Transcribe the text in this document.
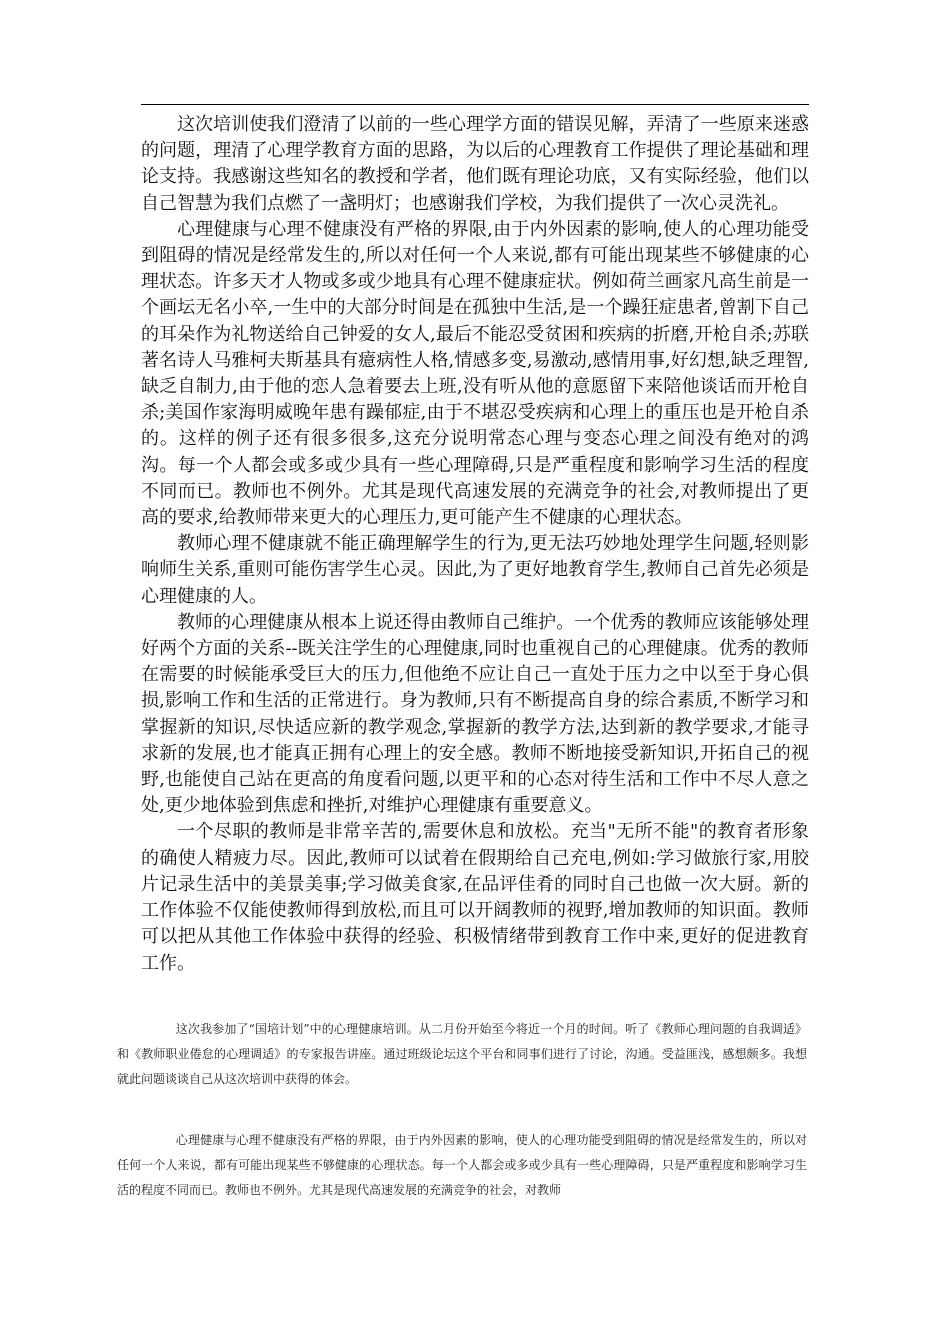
这次培训使我们澄清了以前的一些心理学方面的错误见解，弄清了一些原来迷惑的问题，理清了心理学教育方面的思路，为以后的心理教育工作提供了理论基础和理论支持。我感谢这些知名的教授和学者，他们既有理论功底，又有实际经验，他们以自己智慧为我们点燃了一盏明灯；也感谢我们学校，为我们提供了一次心灵洗礼。

心理健康与心理不健康没有严格的界限,由于内外因素的影响,使人的心理功能受到阻碍的情况是经常发生的,所以对任何一个人来说,都有可能出现某些不够健康的心理状态。许多天才人物或多或少地具有心理不健康症状。例如荷兰画家凡高生前是一个画坛无名小卒,一生中的大部分时间是在孤独中生活,是一个躁狂症患者,曾割下自己的耳朵作为礼物送给自己钟爱的女人,最后不能忍受贫困和疾病的折磨,开枪自杀;苏联著名诗人马雅柯夫斯基具有癔病性人格,情感多变,易激动,感情用事,好幻想,缺乏理智,缺乏自制力,由于他的恋人急着要去上班,没有听从他的意愿留下来陪他谈话而开枪自杀;美国作家海明威晚年患有躁郁症,由于不堪忍受疾病和心理上的重压也是开枪自杀的。这样的例子还有很多很多,这充分说明常态心理与变态心理之间没有绝对的鸿沟。每一个人都会或多或少具有一些心理障碍,只是严重程度和影响学习生活的程度不同而已。教师也不例外。尤其是现代高速发展的充满竞争的社会,对教师提出了更高的要求,给教师带来更大的心理压力,更可能产生不健康的心理状态。

教师心理不健康就不能正确理解学生的行为,更无法巧妙地处理学生问题,轻则影响师生关系,重则可能伤害学生心灵。因此,为了更好地教育学生,教师自己首先必须是心理健康的人。

教师的心理健康从根本上说还得由教师自己维护。一个优秀的教师应该能够处理好两个方面的关系--既关注学生的心理健康,同时也重视自己的心理健康。优秀的教师在需要的时候能承受巨大的压力,但他绝不应让自己一直处于压力之中以至于身心俱损,影响工作和生活的正常进行。身为教师,只有不断提高自身的综合素质,不断学习和掌握新的知识,尽快适应新的教学观念,掌握新的教学方法,达到新的教学要求,才能寻求新的发展,也才能真正拥有心理上的安全感。教师不断地接受新知识,开拓自己的视野,也能使自己站在更高的角度看问题,以更平和的心态对待生活和工作中不尽人意之处,更少地体验到焦虑和挫折,对维护心理健康有重要意义。

一个尽职的教师是非常辛苦的,需要休息和放松。充当"无所不能"的教育者形象的确使人精疲力尽。因此,教师可以试着在假期给自己充电,例如:学习做旅行家,用胶片记录生活中的美景美事;学习做美食家,在品评佳肴的同时自己也做一次大厨。新的工作体验不仅能使教师得到放松,而且可以开阔教师的视野,增加教师的知识面。教师可以把从其他工作体验中获得的经验、积极情绪带到教育工作中来,更好的促进教育工作。

这次我参加了“国培计划”中的心理健康培训。从二月份开始至今将近一个月的时间。听了《教师心理问题的自我调适》和《教师职业倦怠的心理调适》的专家报告讲座。通过班级论坛这个平台和同事们进行了讨论，沟通。受益匪浅，感想颇多。我想就此问题谈谈自己从这次培训中获得的体会。

心理健康与心理不健康没有严格的界限，由于内外因素的影响，使人的心理功能受到阻碍的情况是经常发生的，所以对任何一个人来说，都有可能出现某些不够健康的心理状态。每一个人都会或多或少具有一些心理障碍，只是严重程度和影响学习生活的程度不同而已。教师也不例外。尤其是现代高速发展的充满竞争的社会，对教师
